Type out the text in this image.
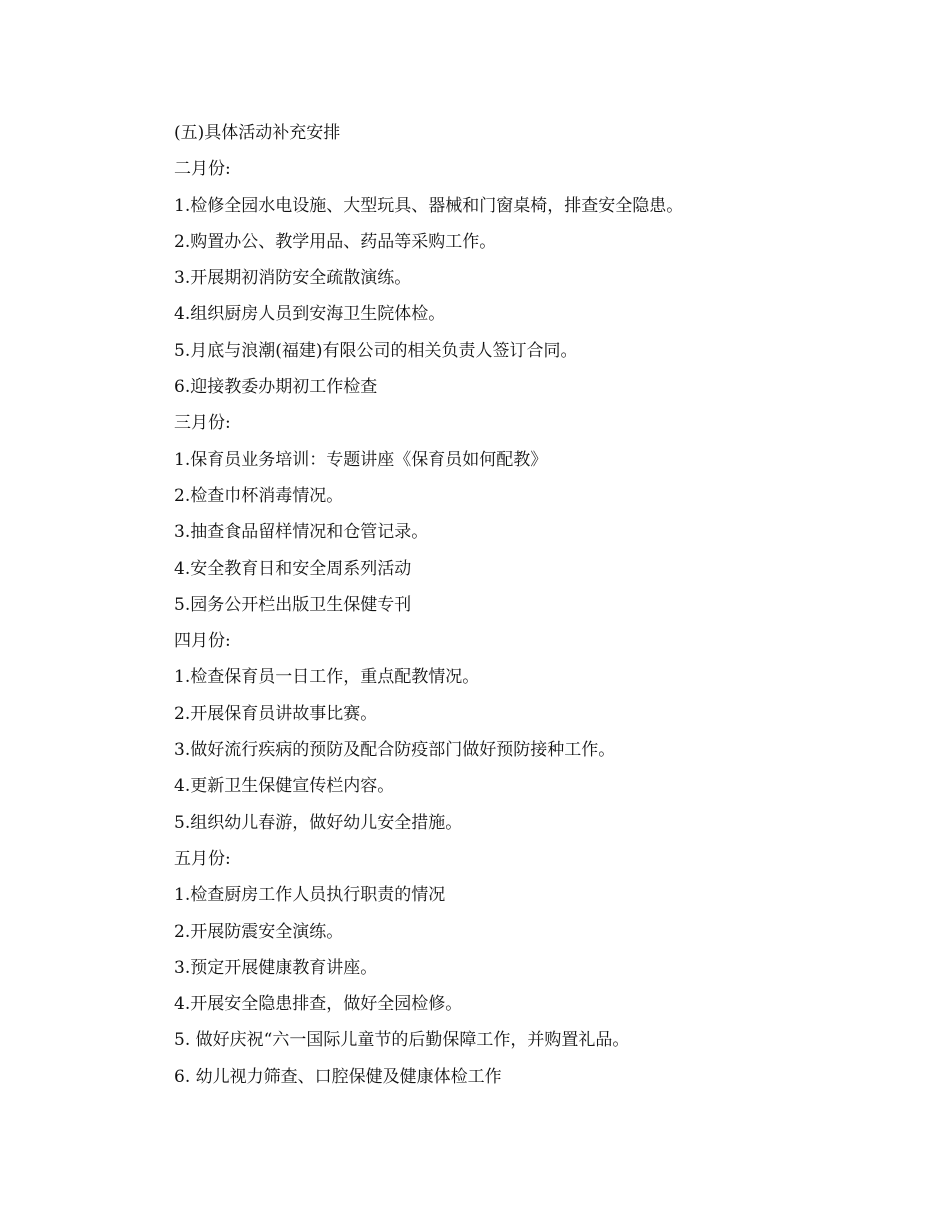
(五)具体活动补充安排

二月份:

1.检修全园水电设施、大型玩具、器械和门窗桌椅，排查安全隐患。

2.购置办公、教学用品、药品等采购工作。

3.开展期初消防安全疏散演练。

4.组织厨房人员到安海卫生院体检。

5.月底与浪潮(福建)有限公司的相关负责人签订合同。

6.迎接教委办期初工作检查

三月份:

1.保育员业务培训：专题讲座《保育员如何配教》

2.检查巾杯消毒情况。

3.抽查食品留样情况和仓管记录。

4.安全教育日和安全周系列活动

5.园务公开栏出版卫生保健专刊

四月份:

1.检查保育员一日工作，重点配教情况。

2.开展保育员讲故事比赛。

3.做好流行疾病的预防及配合防疫部门做好预防接种工作。

4.更新卫生保健宣传栏内容。

5.组织幼儿春游，做好幼儿安全措施。

五月份:

1.检查厨房工作人员执行职责的情况

2.开展防震安全演练。

3.预定开展健康教育讲座。

4.开展安全隐患排查，做好全园检修。

5. 做好庆祝“六一国际儿童节的后勤保障工作，并购置礼品。

6. 幼儿视力筛查、口腔保健及健康体检工作
